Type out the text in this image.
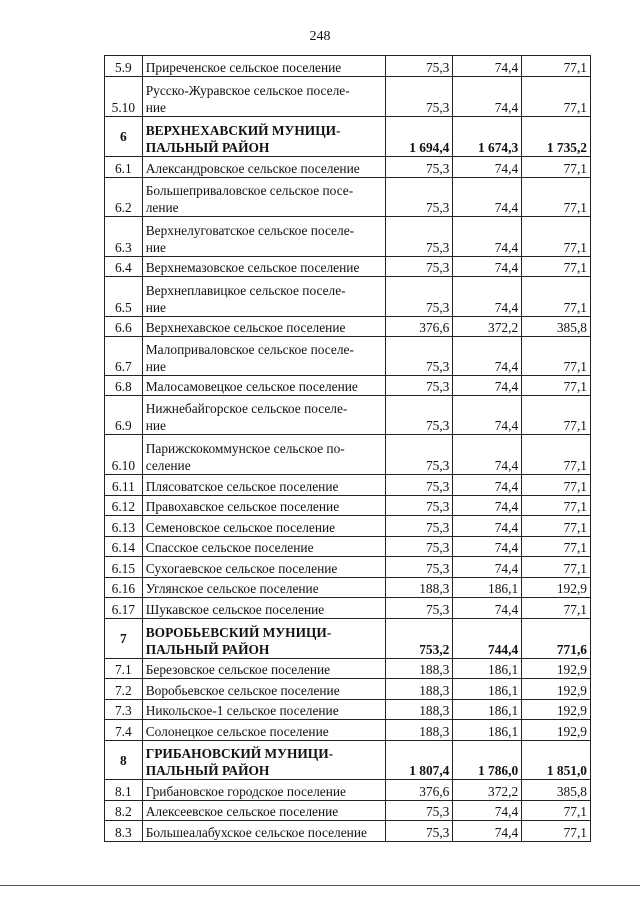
248
5.9	Приреченское сельское поселение	75,3	74,4	77,1
5.10	Русско-Журавское сельское поселе-
ние	75,3	74,4	77,1
6	ВЕРХНЕХАВСКИЙ МУНИЦИ-
ПАЛЬНЫЙ РАЙОН	1 694,4	1 674,3	1 735,2
6.1	Александровское сельское поселение	75,3	74,4	77,1
6.2	Большеприваловское сельское посе-
ление	75,3	74,4	77,1
6.3	Верхнелуговатское сельское поселе-
ние	75,3	74,4	77,1
6.4	Верхнемазовское сельское поселение	75,3	74,4	77,1
6.5	Верхнеплавицкое сельское поселе-
ние	75,3	74,4	77,1
6.6	Верхнехавское сельское поселение	376,6	372,2	385,8
6.7	Малоприваловское сельское поселе-
ние	75,3	74,4	77,1
6.8	Малосамовецкое сельское поселение	75,3	74,4	77,1
6.9	Нижнебайгорское сельское поселе-
ние	75,3	74,4	77,1
6.10	Парижскокоммунское сельское по-
селение	75,3	74,4	77,1
6.11	Плясоватское сельское поселение	75,3	74,4	77,1
6.12	Правохавское сельское поселение	75,3	74,4	77,1
6.13	Семеновское сельское поселение	75,3	74,4	77,1
6.14	Спасское сельское поселение	75,3	74,4	77,1
6.15	Сухогаевское сельское поселение	75,3	74,4	77,1
6.16	Углянское сельское поселение	188,3	186,1	192,9
6.17	Шукавское сельское поселение	75,3	74,4	77,1
7	ВОРОБЬЕВСКИЙ МУНИЦИ-
ПАЛЬНЫЙ РАЙОН	753,2	744,4	771,6
7.1	Березовское сельское поселение	188,3	186,1	192,9
7.2	Воробьевское сельское поселение	188,3	186,1	192,9
7.3	Никольское-1 сельское поселение	188,3	186,1	192,9
7.4	Солонецкое сельское поселение	188,3	186,1	192,9
8	ГРИБАНОВСКИЙ МУНИЦИ-
ПАЛЬНЫЙ РАЙОН	1 807,4	1 786,0	1 851,0
8.1	Грибановское городское поселение	376,6	372,2	385,8
8.2	Алексеевское сельское поселение	75,3	74,4	77,1
8.3	Большеалабухское сельское поселение	75,3	74,4	77,1
